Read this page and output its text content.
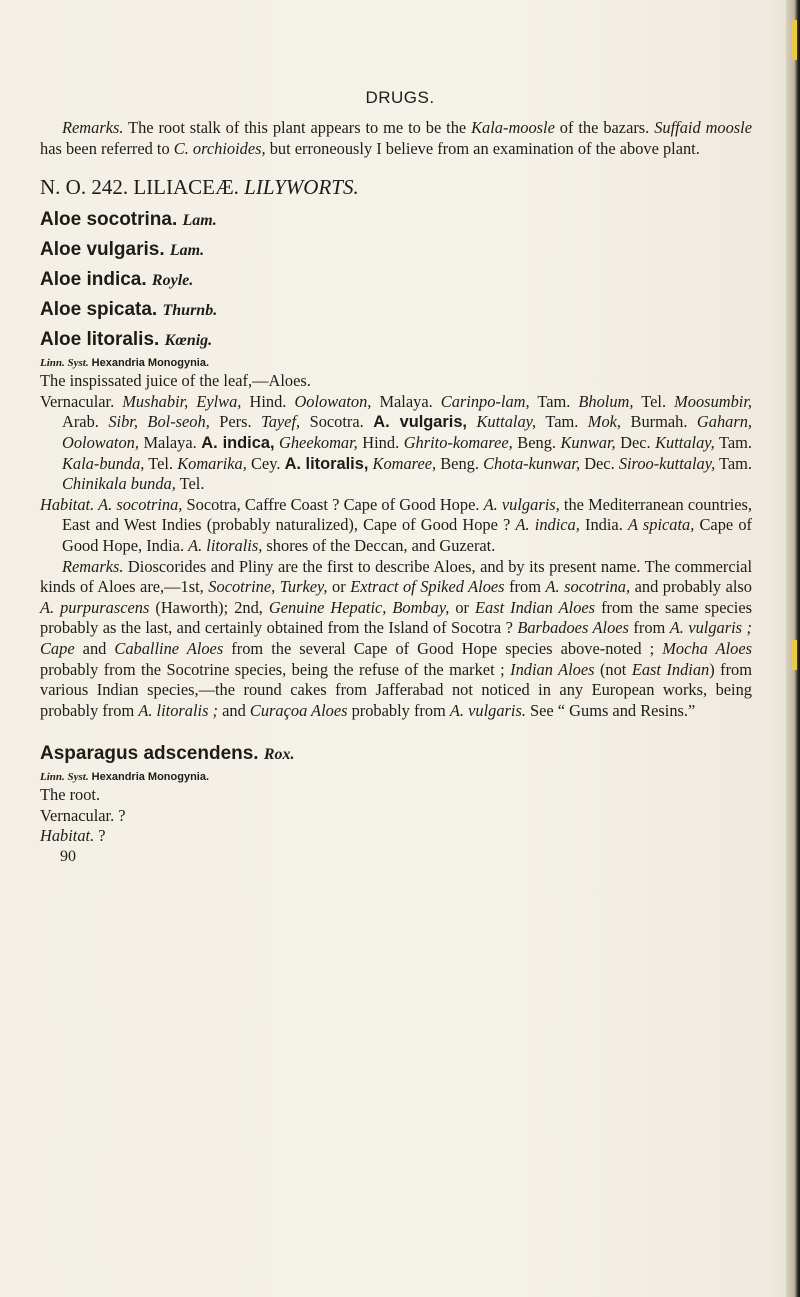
DRUGS.

Remarks. The root stalk of this plant appears to me to be the Kala-moosle of the bazars. Suffaid moosle has been referred to C. orchioides, but erroneously I believe from an examination of the above plant.

N. O. 242. LILIACEÆ. LILYWORTS.

Aloe socotrina. Lam.

Aloe vulgaris. Lam.

Aloe indica. Royle.

Aloe spicata. Thurnb.

Aloe litoralis. Kœnig.

Linn. Syst. Hexandria Monogynia.

The inspissated juice of the leaf,—Aloes.

Vernacular. Mushabir, Eylwa, Hind. Oolowaton, Malaya. Carinpo-lam, Tam. Bholum, Tel. Moosumbir, Arab. Sibr, Bol-seoh, Pers. Tayef, Socotra. A. vulgaris, Kuttalay, Tam. Mok, Burmah. Gaharn, Oolowaton, Malaya. A. indica, Gheekomar, Hind. Ghrito-komaree, Beng. Kunwar, Dec. Kuttalay, Tam. Kala-bunda, Tel. Komarika, Cey. A. litoralis, Komaree, Beng. Chota-kunwar, Dec. Siroo-kuttalay, Tam. Chinikala bunda, Tel.

Habitat. A. socotrina, Socotra, Caffre Coast ? Cape of Good Hope. A. vulgaris, the Mediterranean countries, East and West Indies (probably naturalized), Cape of Good Hope ? A. indica, India. A spicata, Cape of Good Hope, India. A. litoralis, shores of the Deccan, and Guzerat.

Remarks. Dioscorides and Pliny are the first to describe Aloes, and by its present name. The commercial kinds of Aloes are,—1st, Socotrine, Turkey, or Extract of Spiked Aloes from A. socotrina, and probably also A. purpurascens (Haworth); 2nd, Genuine Hepatic, Bombay, or East Indian Aloes from the same species probably as the last, and certainly obtained from the Island of Socotra ? Barbadoes Aloes from A. vulgaris ; Cape and Caballine Aloes from the several Cape of Good Hope species above-noted ; Mocha Aloes probably from the Socotrine species, being the refuse of the market ; Indian Aloes (not East Indian) from various Indian species,—the round cakes from Jafferabad not noticed in any European works, being probably from A. litoralis ; and Curaçoa Aloes probably from A. vulgaris. See “ Gums and Resins.”

Asparagus adscendens. Rox.

Linn. Syst. Hexandria Monogynia.

The root.

Vernacular. ?

Habitat. ?

90
